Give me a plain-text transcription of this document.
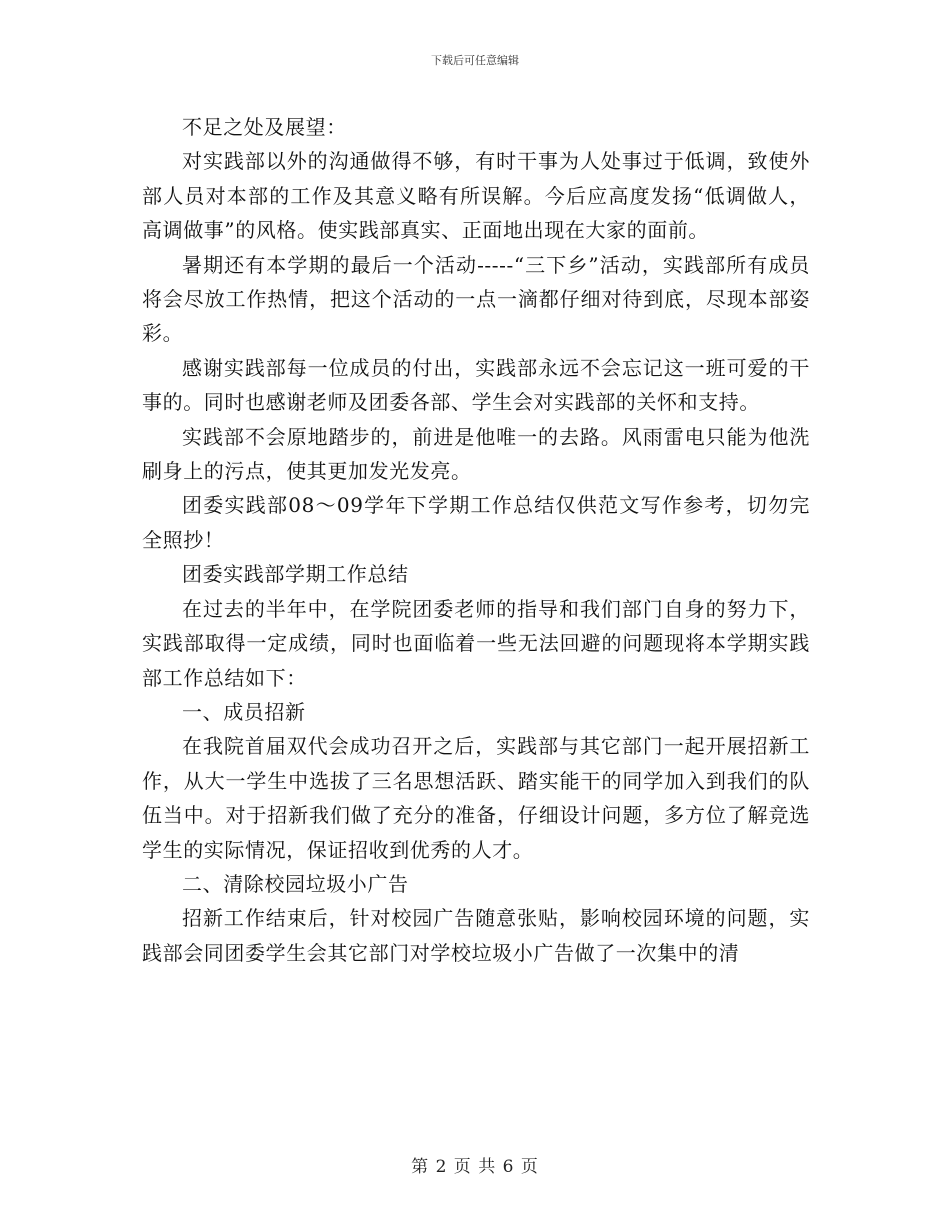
下载后可任意编辑

不足之处及展望：

对实践部以外的沟通做得不够，有时干事为人处事过于低调，致使外部人员对本部的工作及其意义略有所误解。今后应高度发扬“低调做人，高调做事”的风格。使实践部真实、正面地出现在大家的面前。

暑期还有本学期的最后一个活动-----“三下乡”活动，实践部所有成员将会尽放工作热情，把这个活动的一点一滴都仔细对待到底，尽现本部姿彩。

感谢实践部每一位成员的付出，实践部永远不会忘记这一班可爱的干事的。同时也感谢老师及团委各部、学生会对实践部的关怀和支持。

实践部不会原地踏步的，前进是他唯一的去路。风雨雷电只能为他洗刷身上的污点，使其更加发光发亮。

团委实践部08～09学年下学期工作总结仅供范文写作参考，切勿完全照抄！

团委实践部学期工作总结

在过去的半年中，在学院团委老师的指导和我们部门自身的努力下，实践部取得一定成绩，同时也面临着一些无法回避的问题现将本学期实践部工作总结如下：

一、成员招新

在我院首届双代会成功召开之后，实践部与其它部门一起开展招新工作，从大一学生中选拔了三名思想活跃、踏实能干的同学加入到我们的队伍当中。对于招新我们做了充分的准备，仔细设计问题，多方位了解竞选学生的实际情况，保证招收到优秀的人才。

二、清除校园垃圾小广告

招新工作结束后，针对校园广告随意张贴，影响校园环境的问题，实践部会同团委学生会其它部门对学校垃圾小广告做了一次集中的清

第 2 页 共 6 页
